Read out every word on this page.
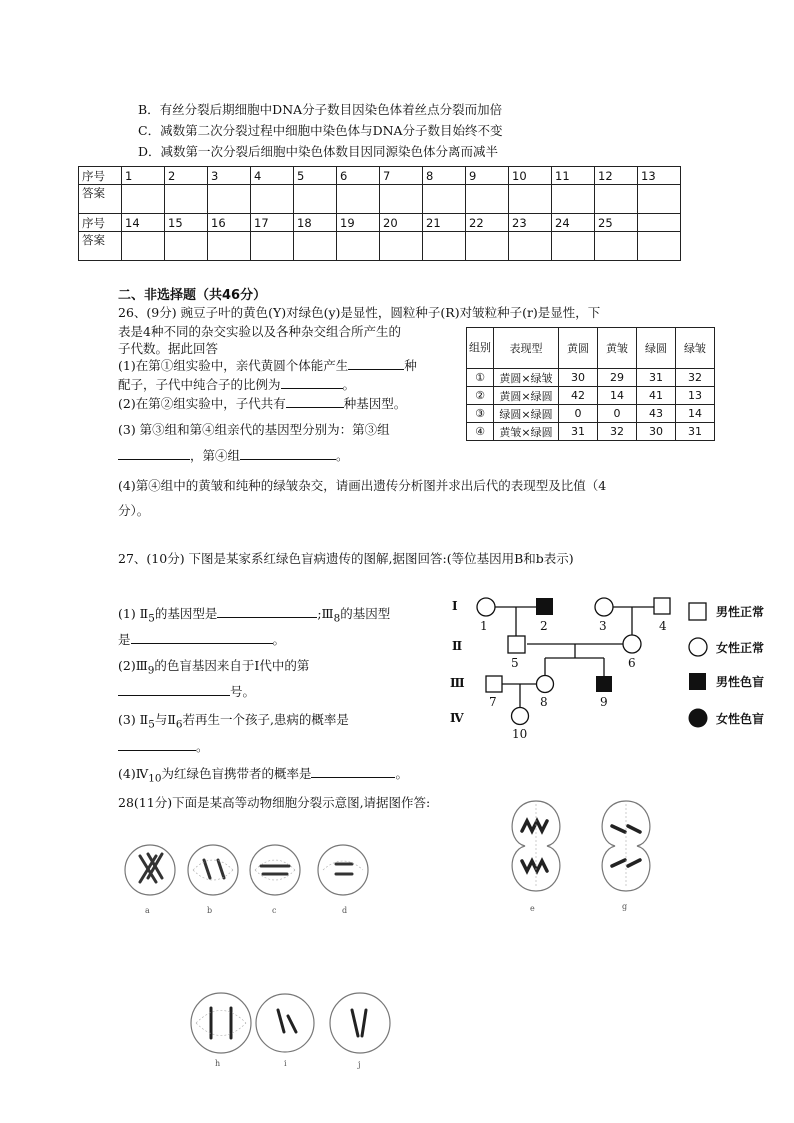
B．有丝分裂后期细胞中DNA分子数目因染色体着丝点分裂而加倍
C．减数第二次分裂过程中细胞中染色体与DNA分子数目始终不变
D．减数第一次分裂后细胞中染色体数目因同源染色体分离而减半
序号	1	2	3	4	5	6	7	8	9	10	11	12	13
答案													
序号	14	15	16	17	18	19	20	21	22	23	24	25	
答案													
二、非选择题（共46分）
26、(9分) 豌豆子叶的黄色(Y)对绿色(y)是显性，圆粒种子(R)对皱粒种子(r)是显性，下
表是4种不同的杂交实验以及各种杂交组合所产生的
子代数。据此回答
(1)在第①组实验中，亲代黄圆个体能产生	种
配子，子代中纯合子的比例为	。
(2)在第②组实验中，子代共有	种基因型。
(3) 第③组和第④组亲代的基因型分别为：第③组
，第④组	。
(4)第④组中的黄皱和纯种的绿皱杂交，请画出遗传分析图并求出后代的表现型及比值（4
分）。
组别	表现型	黄圆	黄皱	绿圆	绿皱
①	黄圆×绿皱	30	29	31	32
②	黄圆×绿圆	42	14	41	13
③	绿圆×绿圆	0	0	43	14
④	黄皱×绿圆	31	32	30	31
27、(10分) 下图是某家系红绿色盲病遗传的图解,据图回答:(等位基因用B和b表示)
(1) $Ⅱ_5$的基因型是	$;Ⅲ_8$的基因型
是	。
$(2)Ⅲ_9$的色盲基因来自于Ⅰ代中的第
号。
(3) $Ⅱ_5$与$Ⅱ_6$若再生一个孩子,患病的概率是
。
$(4)Ⅳ_{10}$为红绿色盲携带者的概率是	。
Ⅰ
Ⅱ
Ⅲ
Ⅳ
1	2	3	4
5	6
7	8	9
10
男性正常
女性正常
男性色盲
女性色盲
28(11分)下面是某高等动物细胞分裂示意图,请据图作答:
a	b	c	d	e	g
h	i	j
